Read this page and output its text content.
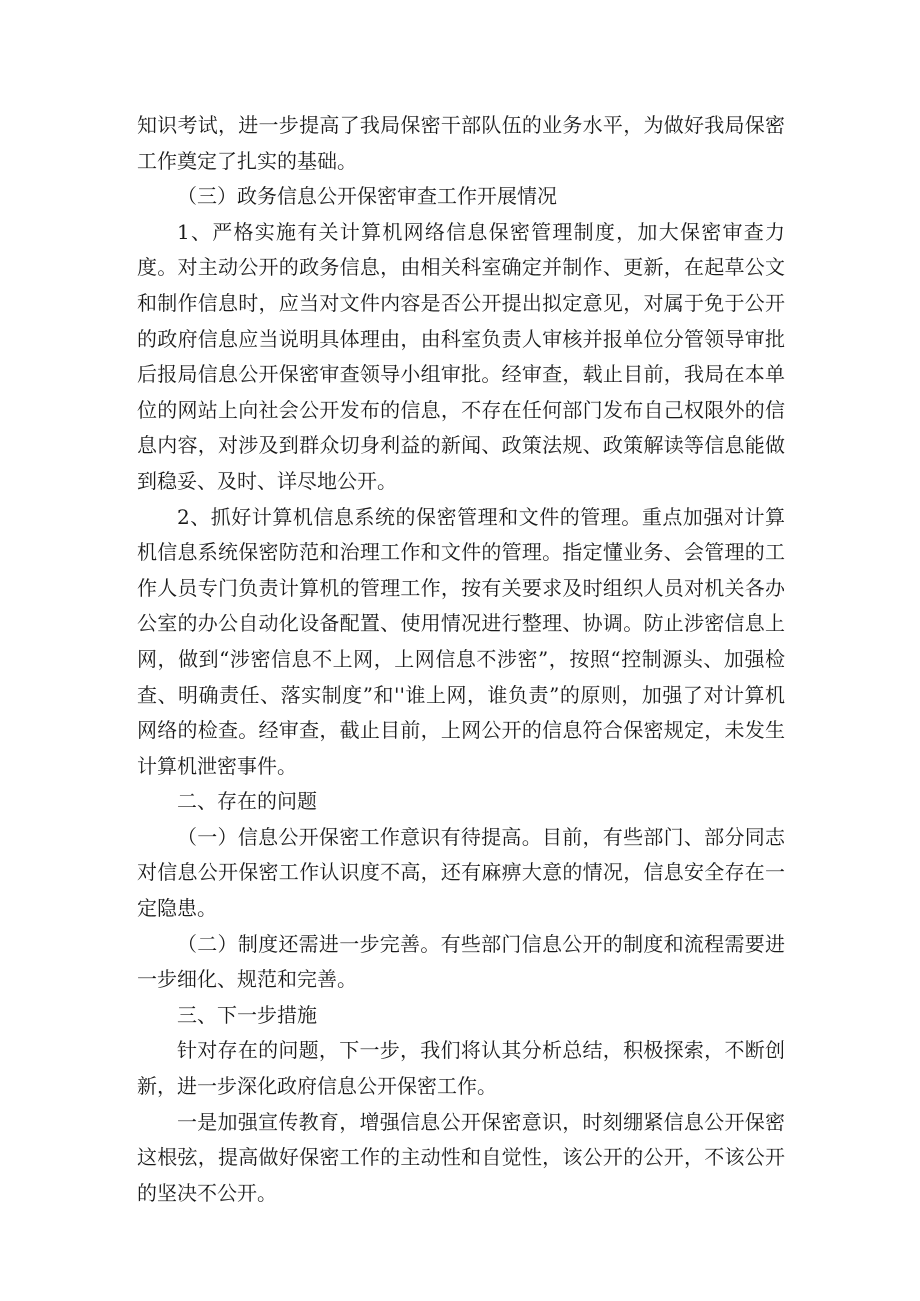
知识考试，进一步提高了我局保密干部队伍的业务水平，为做好我局保密工作奠定了扎实的基础。

（三）政务信息公开保密审查工作开展情况

1、严格实施有关计算机网络信息保密管理制度，加大保密审查力度。对主动公开的政务信息，由相关科室确定并制作、更新，在起草公文和制作信息时，应当对文件内容是否公开提出拟定意见，对属于免于公开的政府信息应当说明具体理由，由科室负责人审核并报单位分管领导审批后报局信息公开保密审查领导小组审批。经审查，载止目前，我局在本单位的网站上向社会公开发布的信息，不存在任何部门发布自己权限外的信息内容，对涉及到群众切身利益的新闻、政策法规、政策解读等信息能做到稳妥、及时、详尽地公开。

2、抓好计算机信息系统的保密管理和文件的管理。重点加强对计算机信息系统保密防范和治理工作和文件的管理。指定懂业务、会管理的工作人员专门负责计算机的管理工作，按有关要求及时组织人员对机关各办公室的办公自动化设备配置、使用情况进行整理、协调。防止涉密信息上网，做到“涉密信息不上网，上网信息不涉密”，按照“控制源头、加强检查、明确责任、落实制度”和''谁上网，谁负责”的原则，加强了对计算机网络的检查。经审查，截止目前，上网公开的信息符合保密规定，未发生计算机泄密事件。

二、存在的问题

（一）信息公开保密工作意识有待提高。目前，有些部门、部分同志对信息公开保密工作认识度不高，还有麻痹大意的情况，信息安全存在一定隐患。

（二）制度还需进一步完善。有些部门信息公开的制度和流程需要进一步细化、规范和完善。

三、下一步措施

针对存在的问题，下一步，我们将认其分析总结，积极探索，不断创新，进一步深化政府信息公开保密工作。

一是加强宣传教育，增强信息公开保密意识，时刻绷紧信息公开保密这根弦，提高做好保密工作的主动性和自觉性，该公开的公开，不该公开的坚决不公开。
